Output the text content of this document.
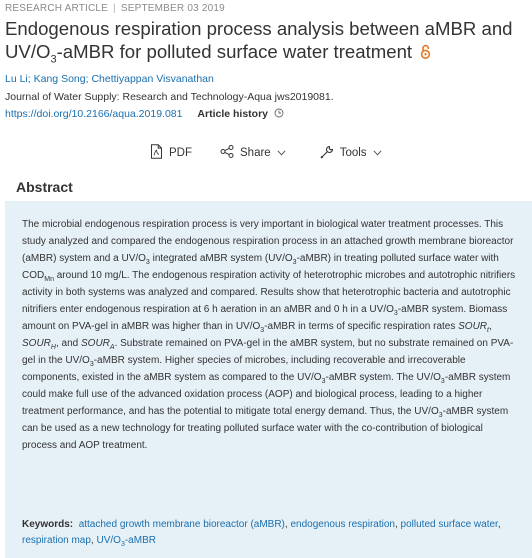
RESEARCH ARTICLE | SEPTEMBER 03 2019
Endogenous respiration process analysis between aMBR and $UV/O_3$-aMBR for polluted surface water treatment
Lu Li; Kang Song; Chettiyappan Visvanathan
Journal of Water Supply: Research and Technology-Aqua jws2019081.
https://doi.org/10.2166/aqua.2019.081 Article history
PDF	Share	Tools
Abstract

The microbial endogenous respiration process is very important in biological water treatment processes. This study analyzed and compared the endogenous respiration process in an attached growth membrane bioreactor (aMBR) system and a $UV/O_3$ integrated aMBR system $(UV/O_3-aMBR)$ in treating polluted surface water with $COD_{Mn}$ around 10 mg/L. The endogenous respiration activity of heterotrophic microbes and autotrophic nitrifiers activity in both systems was analyzed and compared. Results show that heterotrophic bacteria and autotrophic nitrifiers enter endogenous respiration at 6 h aeration in an aMBR and 0 h in a $UV/O_3$-aMBR system. Biomass amount on PVA-gel in aMBR was higher than in $UV/O_3$-aMBR in terms of specific respiration rates $SOUR_t$, $SOUR_H$, and $SOUR_A$. Substrate remained on PVA-gel in the aMBR system, but no substrate remained on PVA-gel in the $UV/O_3$-aMBR system. Higher species of microbes, including recoverable and irrecoverable components, existed in the aMBR system as compared to the $UV/O_3$-aMBR system. The $UV/O_3$-aMBR system could make full use of the advanced oxidation process (AOP) and biological process, leading to a higher treatment performance, and has the potential to mitigate total energy demand. Thus, the $UV/O_3$-aMBR system can be used as a new technology for treating polluted surface water with the co-contribution of biological process and AOP treatment.

Keywords: attached growth membrane bioreactor (aMBR), endogenous respiration, polluted surface water, respiration map, $UV/O_3$-aMBR
